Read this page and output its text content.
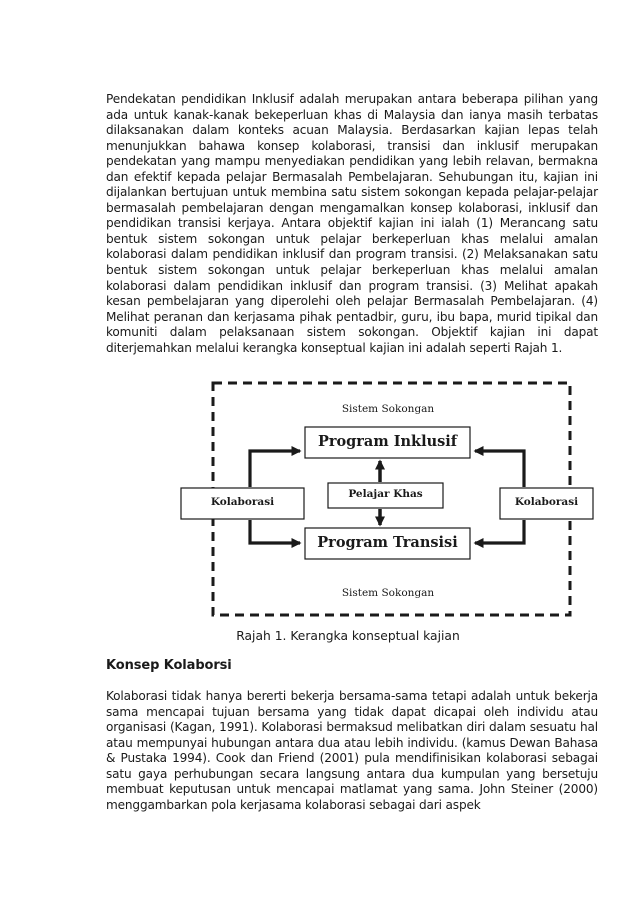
Pendekatan pendidikan Inklusif adalah merupakan antara beberapa pilihan yang ada untuk kanak-kanak bekeperluan khas di Malaysia dan ianya masih terbatas dilaksanakan dalam konteks acuan Malaysia. Berdasarkan kajian lepas telah menunjukkan bahawa konsep kolaborasi, transisi dan inklusif merupakan pendekatan yang mampu menyediakan pendidikan yang lebih relavan, bermakna dan efektif kepada pelajar Bermasalah Pembelajaran. Sehubungan itu, kajian ini dijalankan bertujuan untuk membina satu sistem sokongan kepada pelajar-pelajar bermasalah pembelajaran dengan mengamalkan konsep kolaborasi, inklusif dan pendidikan transisi kerjaya. Antara objektif kajian ini ialah (1) Merancang satu bentuk sistem sokongan untuk pelajar berkeperluan khas melalui amalan kolaborasi dalam pendidikan inklusif dan program transisi. (2) Melaksanakan satu bentuk sistem sokongan untuk pelajar berkeperluan khas melalui amalan kolaborasi dalam pendidikan inklusif dan program transisi. (3) Melihat apakah kesan pembelajaran yang diperolehi oleh pelajar Bermasalah Pembelajaran. (4) Melihat peranan dan kerjasama pihak pentadbir, guru, ibu bapa, murid tipikal dan komuniti dalam pelaksanaan sistem sokongan. Objektif kajian ini dapat diterjemahkan melalui kerangka konseptual kajian ini adalah seperti Rajah 1.

Sistem Sokongan
Sistem Sokongan
Program Inklusif
Program Transisi
Pelajar Khas
Kolaborasi	Kolaborasi
Rajah 1. Kerangka konseptual kajian
Konsep Kolaborsi

Kolaborasi tidak hanya bererti bekerja bersama-sama tetapi adalah untuk bekerja sama mencapai tujuan bersama yang tidak dapat dicapai oleh individu atau organisasi (Kagan, 1991). Kolaborasi bermaksud melibatkan diri dalam sesuatu hal atau mempunyai hubungan antara dua atau lebih individu. (kamus Dewan Bahasa & Pustaka 1994). Cook dan Friend (2001) pula mendifinisikan kolaborasi sebagai satu gaya perhubungan secara langsung antara dua kumpulan yang bersetuju membuat keputusan untuk mencapai matlamat yang sama. John Steiner (2000) menggambarkan pola kerjasama kolaborasi sebagai dari aspek
